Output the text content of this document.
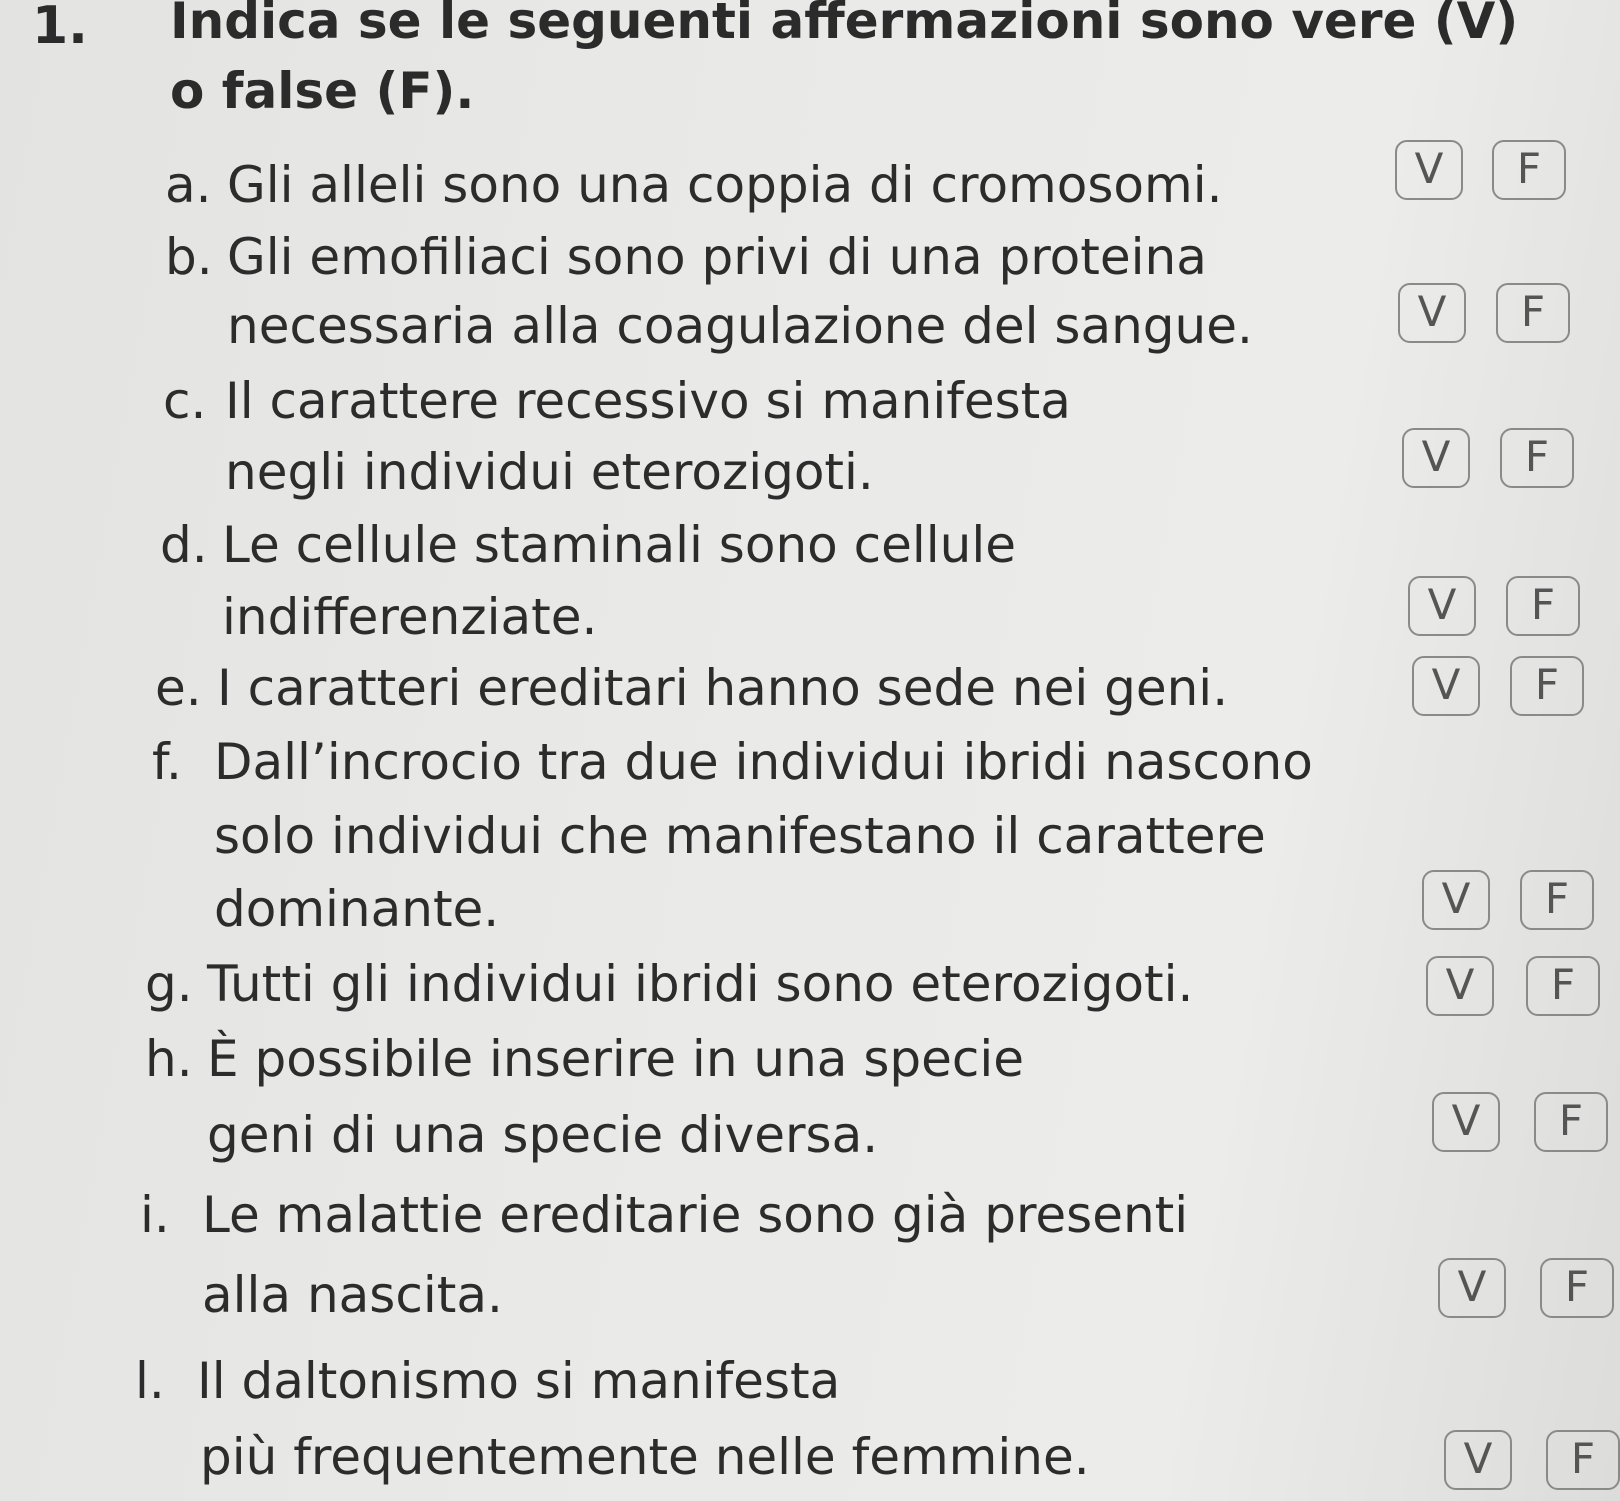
1. Indica se le seguenti affermazioni sono vere (V)
o false (F).
a. Gli alleli sono una coppia di cromosomi.	V	F
b. Gli emofiliaci sono privi di una proteina
necessaria alla coagulazione del sangue.	V	F
c. Il carattere recessivo si manifesta
negli individui eterozigoti.	V	F
d. Le cellule staminali sono cellule
indifferenziate.	V	F
e. I caratteri ereditari hanno sede nei geni.	V	F
f. Dall’incrocio tra due individui ibridi nascono
solo individui che manifestano il carattere
dominante.	V	F
g. Tutti gli individui ibridi sono eterozigoti.	V	F
h. È possibile inserire in una specie
geni di una specie diversa.	V	F
i. Le malattie ereditarie sono già presenti
alla nascita.	V	F
l. Il daltonismo si manifesta
più frequentemente nelle femmine.	V	F
